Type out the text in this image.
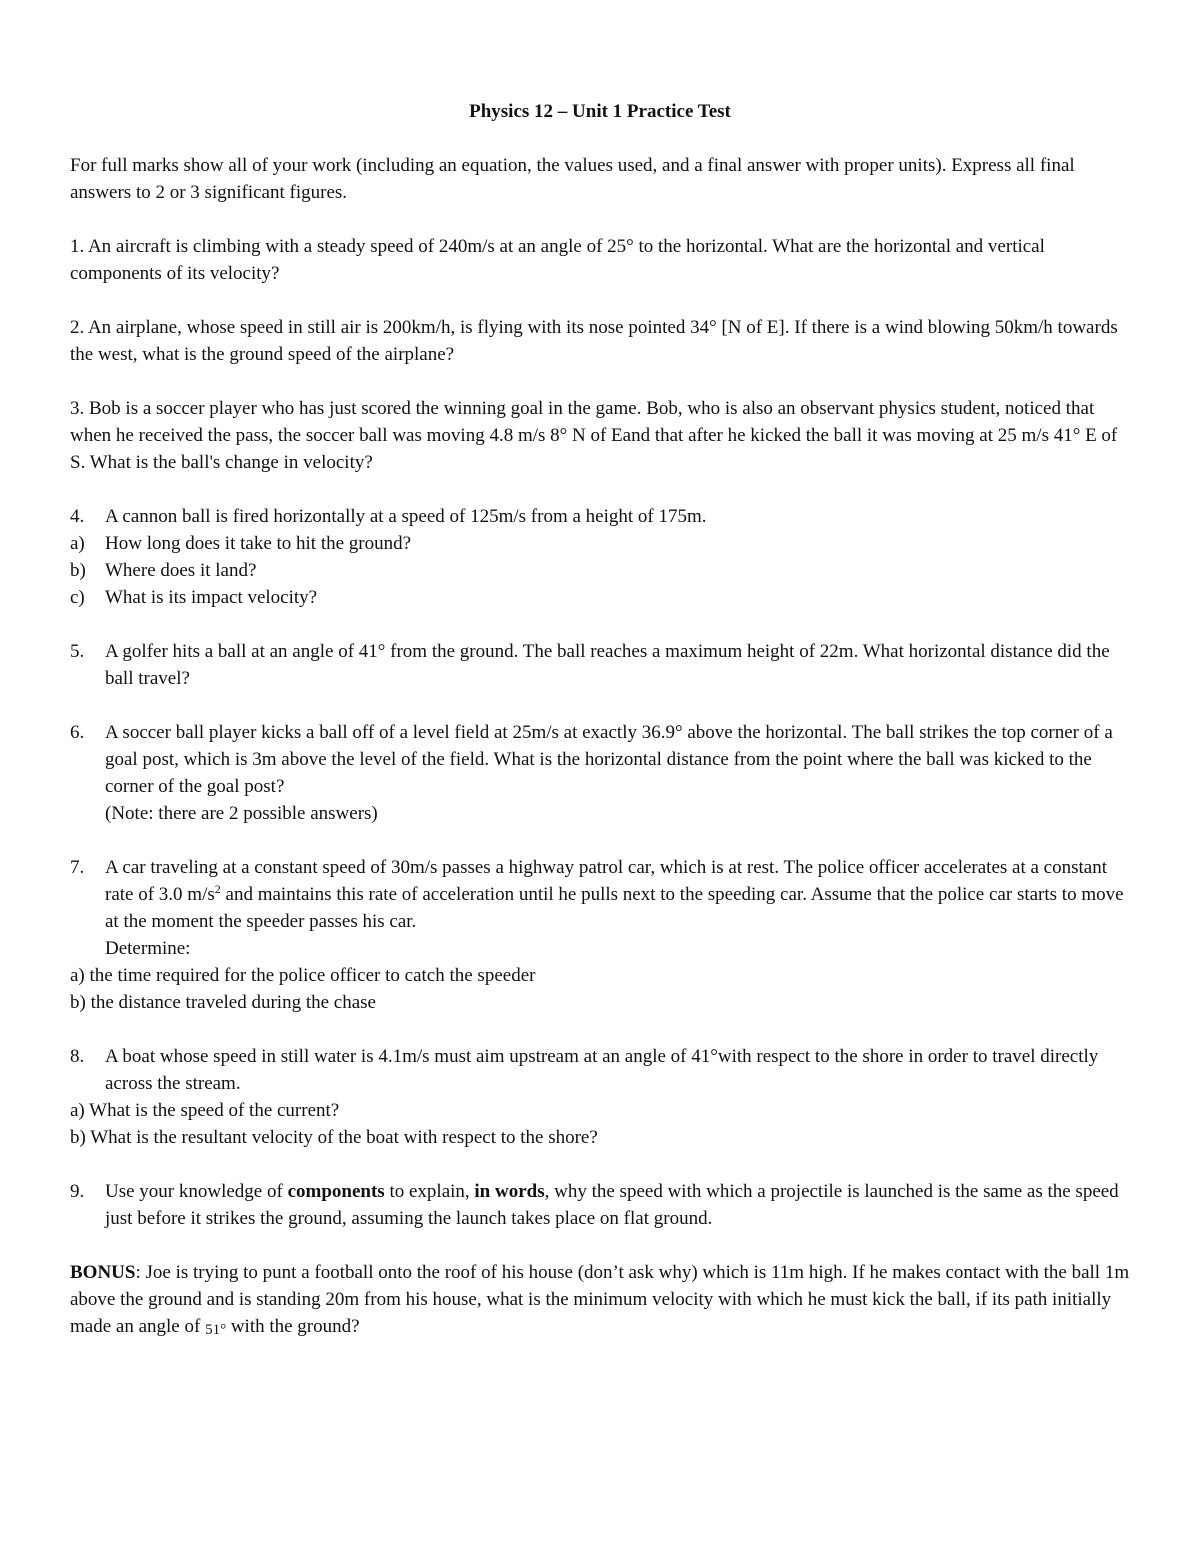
Physics 12 – Unit 1 Practice Test

For full marks show all of your work (including an equation, the values used, and a final answer with proper units). Express all final answers to 2 or 3 significant figures.

1. An aircraft is climbing with a steady speed of 240m/s at an angle of 25° to the horizontal. What are the horizontal and vertical components of its velocity?

2. An airplane, whose speed in still air is 200km/h, is flying with its nose pointed 34° [N of E]. If there is a wind blowing 50km/h towards the west, what is the ground speed of the airplane?

3. Bob is a soccer player who has just scored the winning goal in the game. Bob, who is also an observant physics student, noticed that when he received the pass, the soccer ball was moving 4.8 m/s 8° N of Eand that after he kicked the ball it was moving at 25 m/s 41° E of S. What is the ball's change in velocity?

4.	A cannon ball is fired horizontally at a speed of 125m/s from a height of 175m.
a)	How long does it take to hit the ground?
b)	Where does it land?
c)	What is its impact velocity?
5.	A golfer hits a ball at an angle of 41° from the ground. The ball reaches a maximum height of 22m. What horizontal distance did the ball travel?
6.	A soccer ball player kicks a ball off of a level field at 25m/s at exactly 36.9° above the horizontal. The ball strikes the top corner of a goal post, which is 3m above the level of the field. What is the horizontal distance from the point where the ball was kicked to the corner of the goal post?
(Note: there are 2 possible answers)
7.	A car traveling at a constant speed of 30m/s passes a highway patrol car, which is at rest. The police officer accelerates at a constant rate of 3.0 $m/s^2$ and maintains this rate of acceleration until he pulls next to the speeding car. Assume that the police car starts to move at the moment the speeder passes his car.
Determine:
a) the time required for the police officer to catch the speeder
b) the distance traveled during the chase
8.	A boat whose speed in still water is 4.1m/s must aim upstream at an angle of 41°with respect to the shore in order to travel directly across the stream.
a) What is the speed of the current?
b) What is the resultant velocity of the boat with respect to the shore?
9.	Use your knowledge of components to explain, in words, why the speed with which a projectile is launched is the same as the speed just before it strikes the ground, assuming the launch takes place on flat ground.

BONUS: Joe is trying to punt a football onto the roof of his house (don’t ask why) which is 11m high. If he makes contact with the ball 1m above the ground and is standing 20m from his house, what is the minimum velocity with which he must kick the ball, if its path initially made an angle of 51° with the ground?
